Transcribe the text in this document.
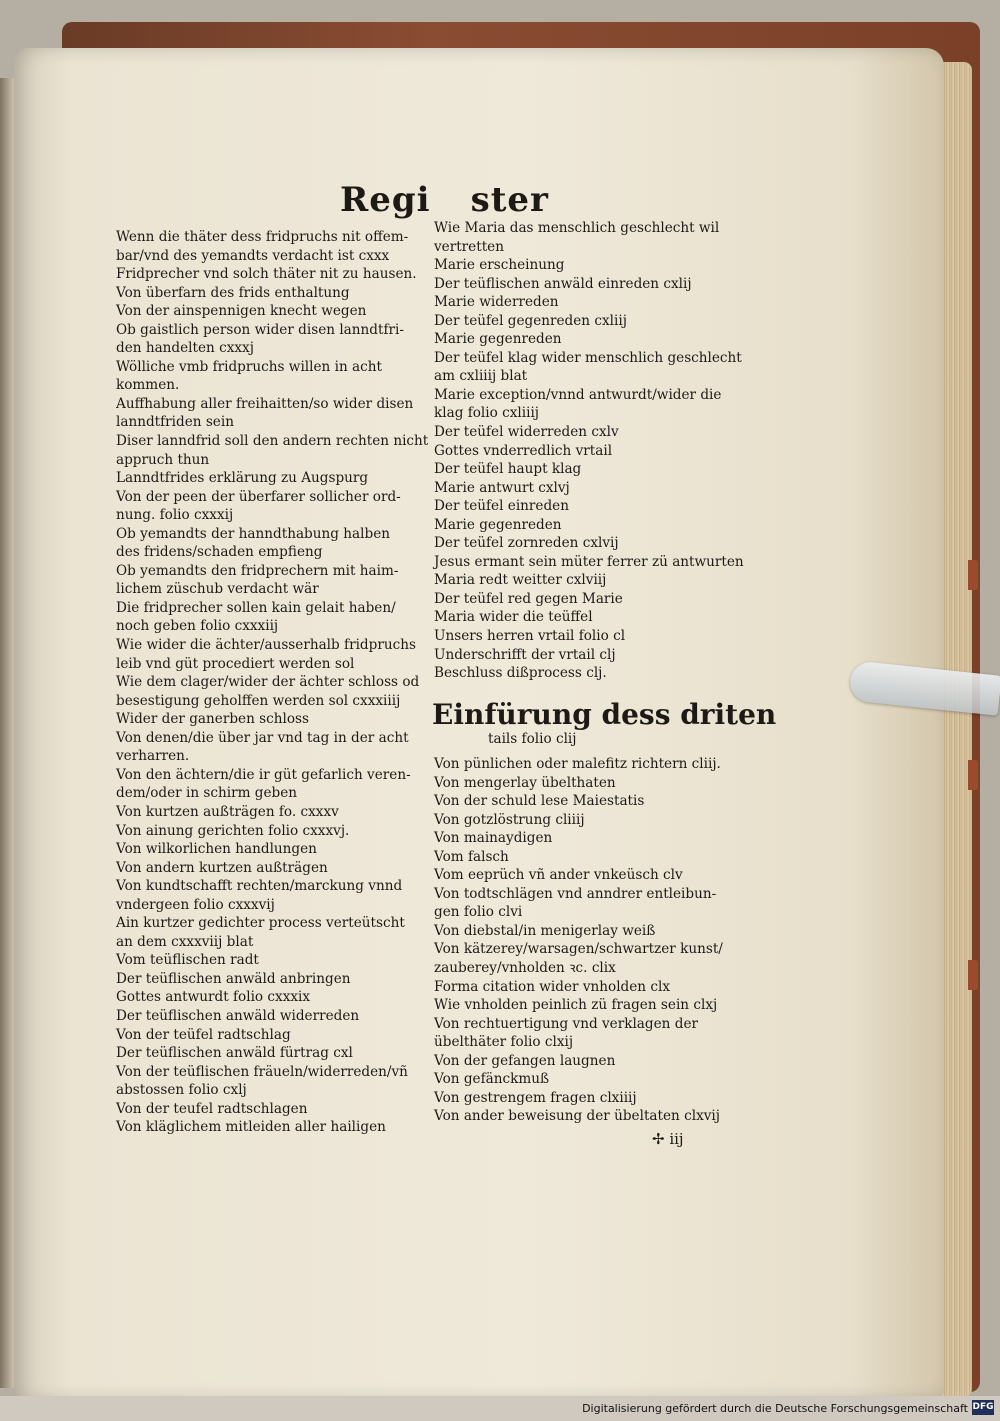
Regi ster
Wenn die thäter dess fridpruchs nit offem-
bar/vnd des yemandts verdacht ist cxxx
Fridprecher vnd solch thäter nit zu hausen.
Von überfarn des frids enthaltung
Von der ainspennigen knecht wegen
Ob gaistlich person wider disen lanndtfri-
den handelten cxxxj
Wölliche vmb fridpruchs willen in acht
kommen.
Auffhabung aller freihaitten/so wider disen
lanndtfriden sein
Diser lanndfrid soll den andern rechten nicht
appruch thun
Lanndtfrides erklärung zu Augspurg
Von der peen der überfarer sollicher ord-
nung. folio cxxxij
Ob yemandts der hanndthabung halben
des fridens/schaden empfieng
Ob yemandts den fridprechern mit haim-
lichem züschub verdacht wär
Die fridprecher sollen kain gelait haben/
noch geben folio cxxxiij
Wie wider die ächter/ausserhalb fridpruchs
leib vnd güt procediert werden sol
Wie dem clager/wider der ächter schloss od
besestigung geholffen werden sol cxxxiiij
Wider der ganerben schloss
Von denen/die über jar vnd tag in der acht
verharren.
Von den ächtern/die ir güt gefarlich veren-
dem/oder in schirm geben
Von kurtzen außträgen fo. cxxxv
Von ainung gerichten folio cxxxvj.
Von wilkorlichen handlungen
Von andern kurtzen außträgen
Von kundtschafft rechten/marckung vnnd
vndergeen folio cxxxvij
Ain kurtzer gedichter process verteütscht
an dem cxxxviij blat
Vom teüflischen radt
Der teüflischen anwäld anbringen
Gottes antwurdt folio cxxxix
Der teüflischen anwäld widerreden
Von der teüfel radtschlag
Der teüflischen anwäld fürtrag cxl
Von der teüflischen fräueln/widerreden/vñ
abstossen folio cxlj
Von der teufel radtschlagen
Von kläglichem mitleiden aller hailigen
Wie Maria das menschlich geschlecht wil
vertretten
Marie erscheinung
Der teüflischen anwäld einreden cxlij
Marie widerreden
Der teüfel gegenreden cxliij
Marie gegenreden
Der teüfel klag wider menschlich geschlecht
am cxliiij blat
Marie exception/vnnd antwurdt/wider die
klag folio cxliiij
Der teüfel widerreden cxlv
Gottes vnderredlich vrtail
Der teüfel haupt klag
Marie antwurt cxlvj
Der teüfel einreden
Marie gegenreden
Der teüfel zornreden cxlvij
Jesus ermant sein müter ferrer zü antwurten
Maria redt weitter cxlviij
Der teüfel red gegen Marie
Maria wider die teüffel
Unsers herren vrtail folio cl
Underschrifft der vrtail clj
Beschluss dißprocess clj.
Einfürung dess driten
tails folio clij
Von pünlichen oder malefitz richtern cliij.
Von mengerlay übelthaten
Von der schuld lese Maiestatis
Von gotzlöstrung cliiij
Von mainaydigen
Vom falsch
Vom eeprüch vñ ander vnkeüsch clv
Von todtschlägen vnd anndrer entleibun-
gen folio clvi
Von diebstal/in menigerlay weiß
Von kätzerey/warsagen/schwartzer kunst/
zauberey/vnholden ꝛc. clix
Forma citation wider vnholden clx
Wie vnholden peinlich zü fragen sein clxj
Von rechtuertigung vnd verklagen der
übelthäter folio clxij
Von der gefangen laugnen
Von gefänckmuß
Von gestrengem fragen clxiiij
Von ander beweisung der übeltaten clxvij
✢ iij
Digitalisierung gefördert durch die Deutsche Forschungsgemeinschaft DFG
